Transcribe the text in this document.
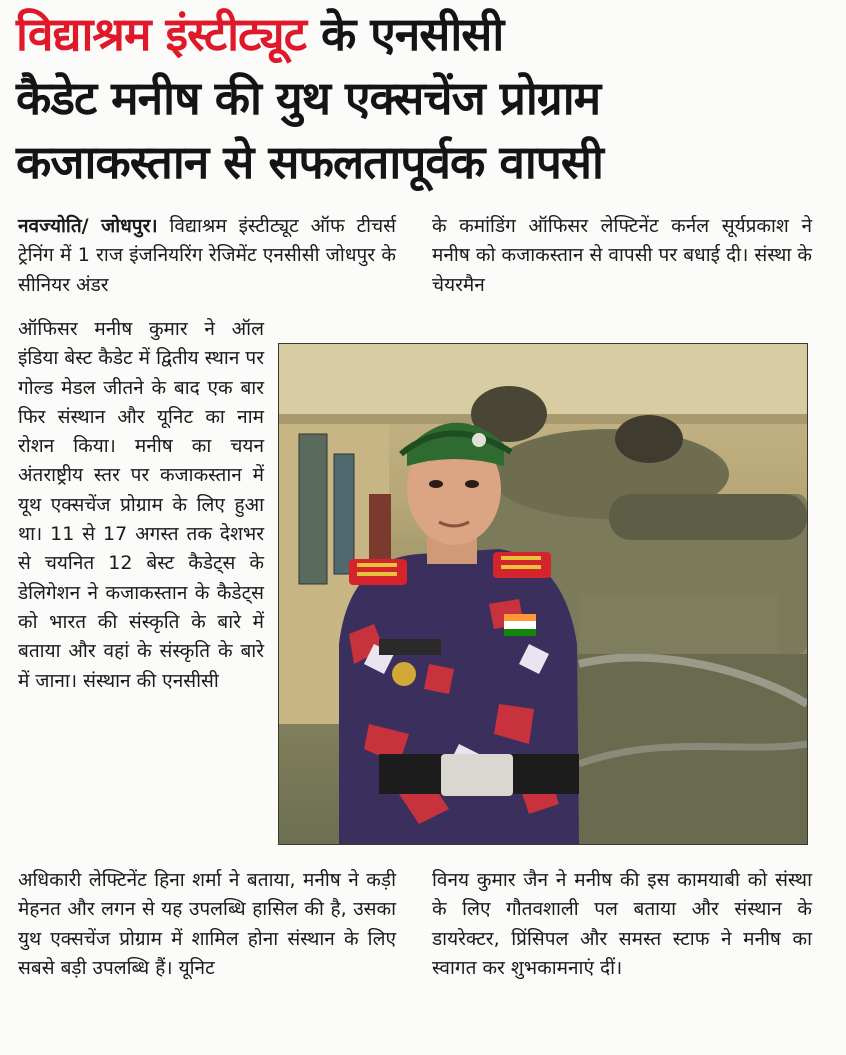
विद्याश्रम इंस्टीट्यूट के एनसीसी
कैडेट मनीष की युथ एक्सचेंज प्रोग्राम
कजाकस्तान से सफलतापूर्वक वापसी

नवज्योति/ जोधपुर। विद्याश्रम इंस्टीट्यूट ऑफ टीचर्स ट्रेनिंग में 1 राज इंजनियरिंग रेजिमेंट एनसीसी जोधपुर के सीनियर अंडर

ऑफिसर मनीष कुमार ने ऑल इंडिया बेस्ट कैडेट में द्वितीय स्थान पर गोल्ड मेडल जीतने के बाद एक बार फिर संस्थान और यूनिट का नाम रोशन किया। मनीष का चयन अंतराष्ट्रीय स्तर पर कजाकस्तान में यूथ एक्सचेंज प्रोग्राम के लिए हुआ था। 11 से 17 अगस्त तक देशभर से चयनित 12 बेस्ट कैडेट्स के डेलिगेशन ने कजाकस्तान के कैडेट्स को भारत की संस्कृति के बारे में बताया और वहां के संस्कृति के बारे में जाना। संस्थान की एनसीसी

अधिकारी लेफ्टिनेंट हिना शर्मा ने बताया, मनीष ने कड़ी मेहनत और लगन से यह उपलब्धि हासिल की है, उसका युथ एक्सचेंज प्रोग्राम में शामिल होना संस्थान के लिए सबसे बड़ी उपलब्धि हैं। यूनिट

के कमांडिंग ऑफिसर लेफ्टिनेंट कर्नल सूर्यप्रकाश ने मनीष को कजाकस्तान से वापसी पर बधाई दी। संस्था के चेयरमैन

विनय कुमार जैन ने मनीष की इस कामयाबी को संस्था के लिए गौतवशाली पल बताया और संस्थान के डायरेक्टर, प्रिंसिपल और समस्त स्टाफ ने मनीष का स्वागत कर शुभकामनाएं दीं।
